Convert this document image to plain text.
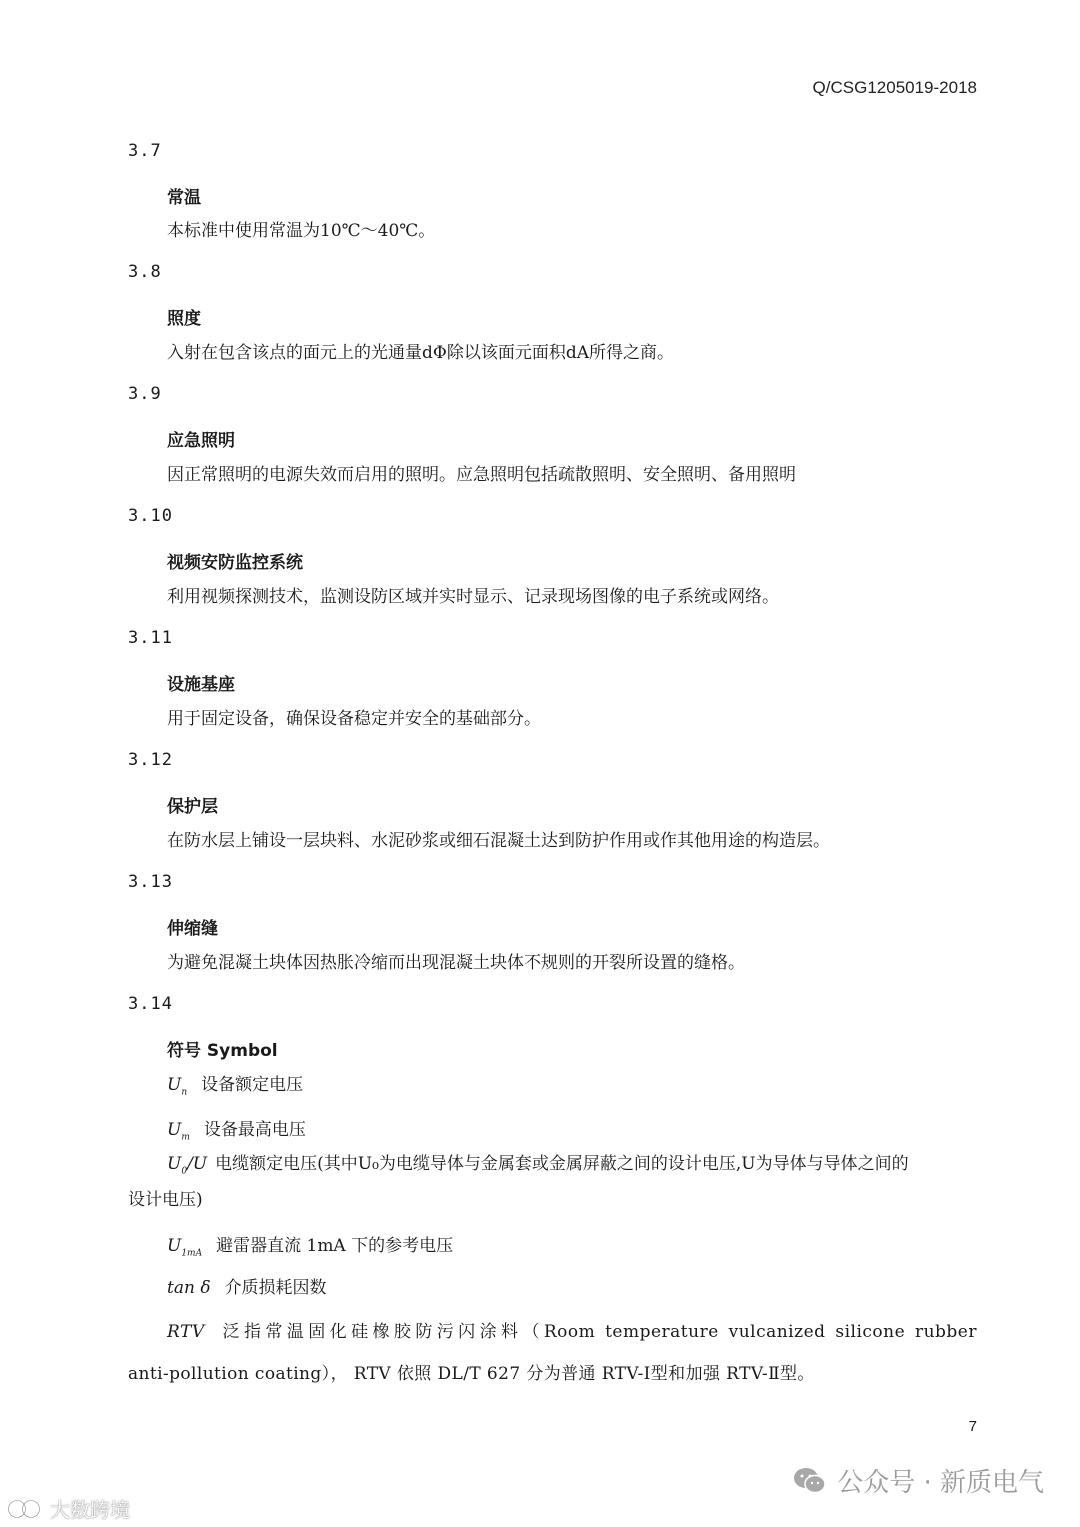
Q/CSG1205019-2018
3.7
常温
本标准中使用常温为10℃～40℃。
3.8
照度
入射在包含该点的面元上的光通量dΦ除以该面元面积dA所得之商。
3.9
应急照明
因正常照明的电源失效而启用的照明。应急照明包括疏散照明、安全照明、备用照明
3.10
视频安防监控系统
利用视频探测技术，监测设防区域并实时显示、记录现场图像的电子系统或网络。
3.11
设施基座
用于固定设备，确保设备稳定并安全的基础部分。
3.12
保护层
在防水层上铺设一层块料、水泥砂浆或细石混凝土达到防护作用或作其他用途的构造层。
3.13
伸缩缝
为避免混凝土块体因热胀冷缩而出现混凝土块体不规则的开裂所设置的缝格。
3.14
符号 Symbol
$U_n$ 设备额定电压
$U_m$ 设备最高电压
$U_0/U$ 电缆额定电压(其中U₀为电缆导体与金属套或金属屏蔽之间的设计电压,U为导体与导体之间的
设计电压)
$U_{1mA}$ 避雷器直流 1mA 下的参考电压
tan δ 介质损耗因数
RTV 泛指常温固化硅橡胶防污闪涂料（Room temperature vulcanized silicone rubber
anti-pollution coating）， RTV 依照 DL/T 627 分为普通 RTV-Ⅰ型和加强 RTV-Ⅱ型。
7
公众号 · 新质电气
大数跨境
